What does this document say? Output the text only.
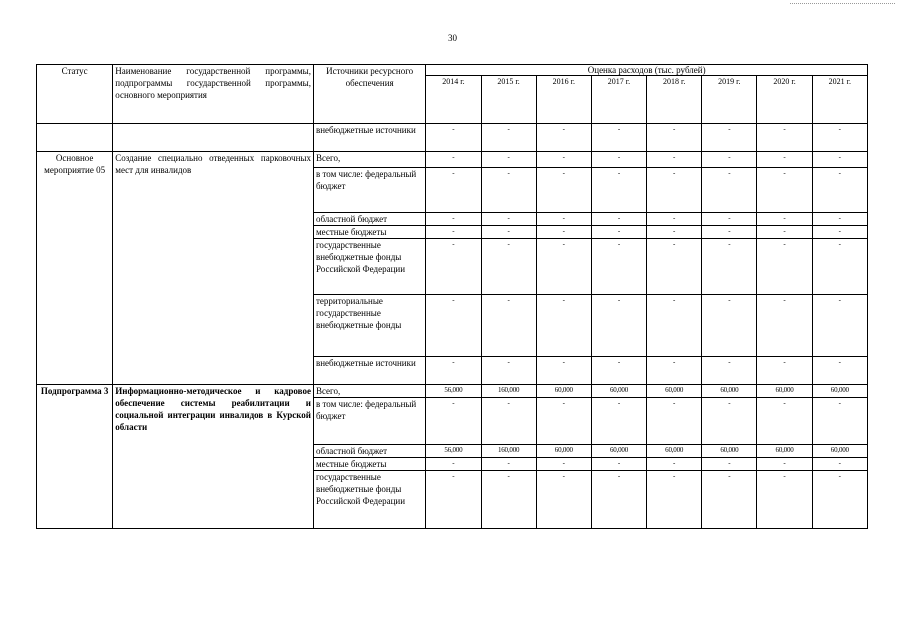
30
Статус	Наименование государственной программы, подпрограммы государственной программы, основного мероприятия	Источники ресурсного обеспечения	Оценка расходов (тыс. рублей)							
			2014 г.	2015 г.	2016 г.	2017 г.	2018 г.	2019 г.	2020 г.	2021 г.
		внебюджетные источники	-	-	-	-	-	-	-	-
Основное мероприятие 05	Создание специально отведенных парковочных мест для инвалидов	Всего,	-	-	-	-	-	-	-	-
		в том числе: федеральный бюджет	-	-	-	-	-	-	-	-
		областной бюджет	-	-	-	-	-	-	-	-
		местные бюджеты	-	-	-	-	-	-	-	-
		государственные внебюджетные фонды Российской Федерации	-	-	-	-	-	-	-	-
		территориальные государственные внебюджетные фонды	-	-	-	-	-	-	-	-
		внебюджетные источники	-	-	-	-	-	-	-	-
Подпрограмма 3	Информационно-методическое и кадровое обеспечение системы реабилитации и социальной интеграции инвалидов в Курской области	Всего,	56,000	160,000	60,000	60,000	60,000	60,000	60,000	60,000
		в том числе: федеральный бюджет	-	-	-	-	-	-	-	-
		областной бюджет	56,000	160,000	60,000	60,000	60,000	60,000	60,000	60,000
		местные бюджеты	-	-	-	-	-	-	-	-
		государственные внебюджетные фонды Российской Федерации	-	-	-	-	-	-	-	-
